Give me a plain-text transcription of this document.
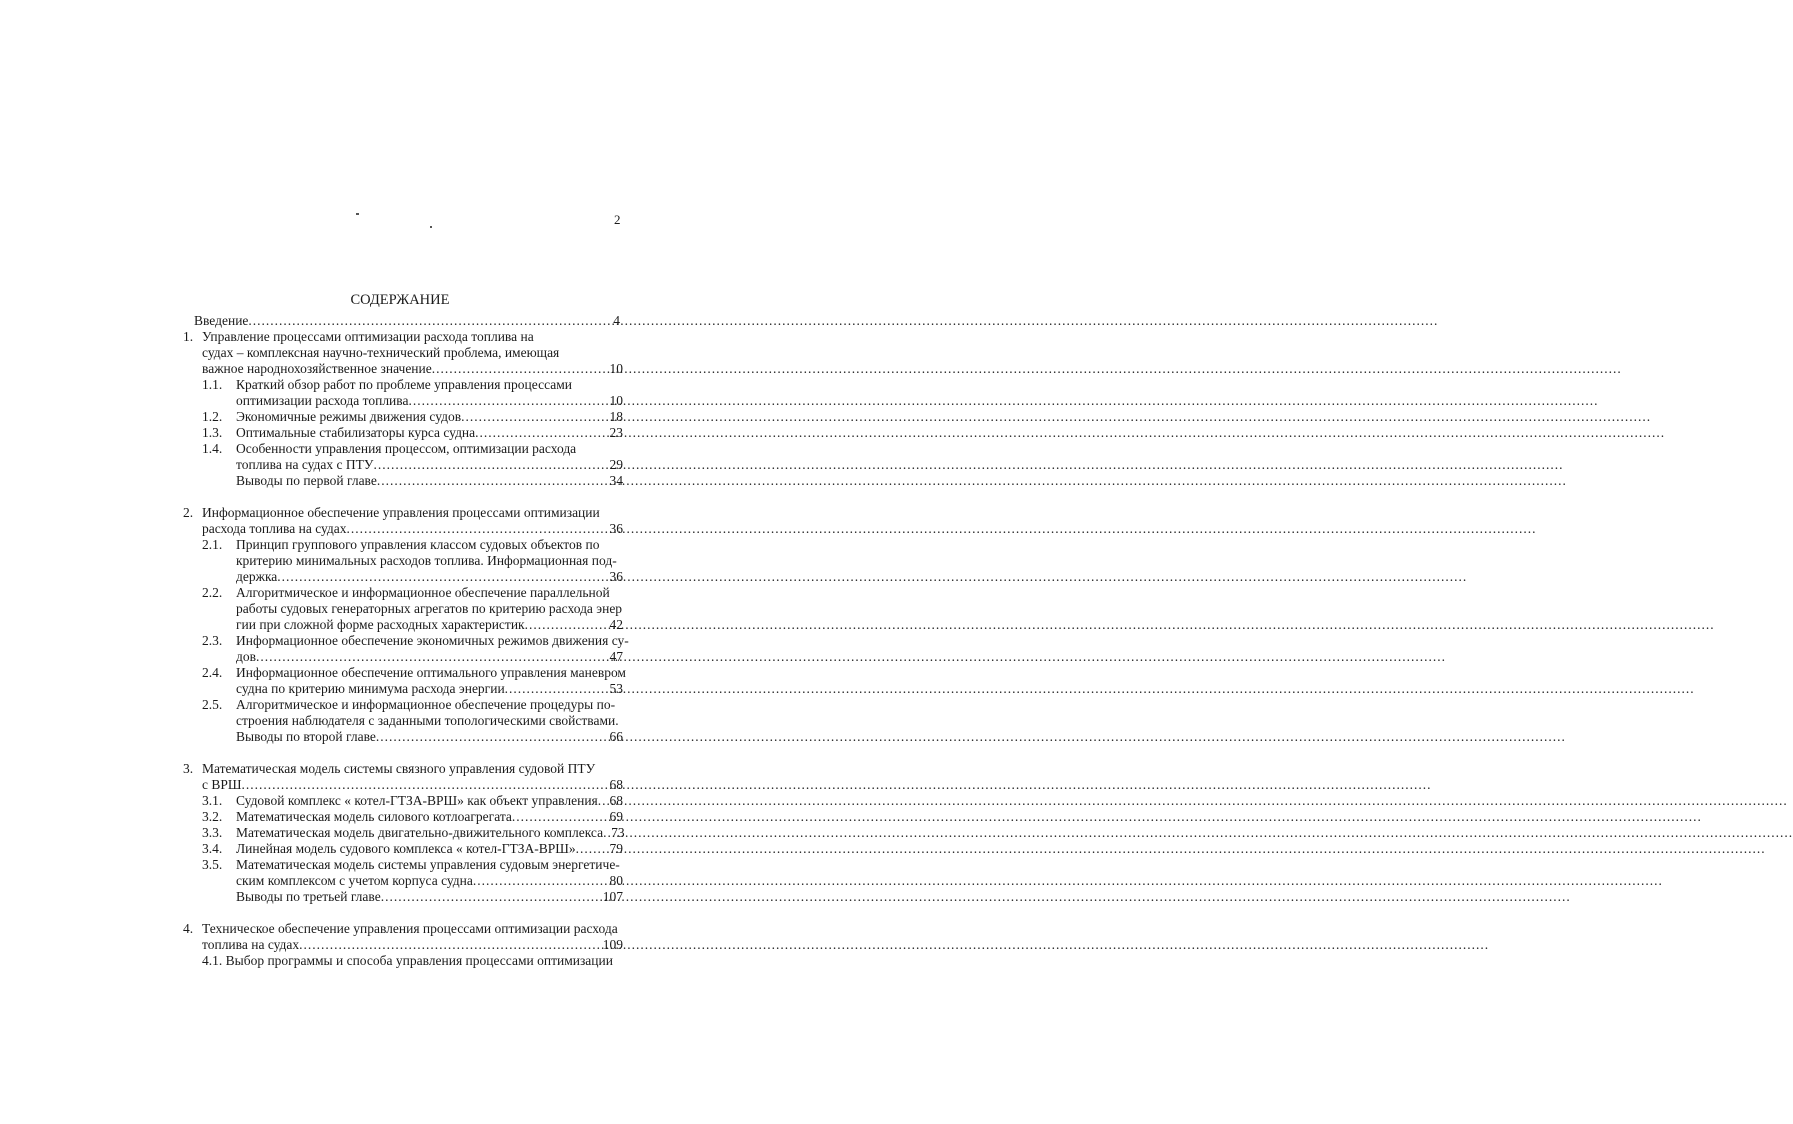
2
СОДЕРЖАНИЕ
Введение .....	4
1. Управление процессами оптимизации расхода топлива на
судах – комплексная научно-технический проблема, имеющая
важное народнохозяйственное значение .....	10
1.1. Краткий обзор работ по проблеме управления процессами
оптимизации расхода топлива .....	10
1.2. Экономичные режимы движения судов .....	18
1.3. Оптимальные стабилизаторы курса судна .....	23
1.4. Особенности управления процессом, оптимизации расхода
топлива на судах с ПТУ .....	29
Выводы по первой главе .....	34
2. Информационное обеспечение управления процессами оптимизации
расхода топлива на судах .....	36
2.1. Принцип группового управления классом судовых объектов по
критерию минимальных расходов топлива. Информационная под-
держка .....	36
2.2. Алгоритмическое и информационное обеспечение параллельной
работы судовых генераторных агрегатов по критерию расхода энер
гии при сложной форме расходных характеристик .....	42
2.3. Информационное обеспечение экономичных режимов движения су-
дов .....	47
2.4. Информационное обеспечение оптимального управления маневром
судна по критерию минимума расхода энергии .....	53
2.5. Алгоритмическое и информационное обеспечение процедуры по-
строения наблюдателя с заданными топологическими свойствами.
Выводы по второй главе .....	66
3. Математическая модель системы связного управления судовой ПТУ
с ВРШ .....	68
3.1. Судовой комплекс « котел-ГТЗА-ВРШ» как объект управления ..... 68
3.2. Математическая модель силового котлоагрегата .....	69
3.3. Математическая модель двигательно-движительного комплекса ..... 73
3.4. Линейная модель судового комплекса « котел-ГТЗА-ВРШ» .....	79
3.5. Математическая модель системы управления судовым энергетиче-
ским комплексом с учетом корпуса судна .....	80
Выводы по третьей главе .....	107
4. Техническое обеспечение управления процессами оптимизации расхода
топлива на судах .....	109
4.1. Выбор программы и способа управления процессами оптимизации
